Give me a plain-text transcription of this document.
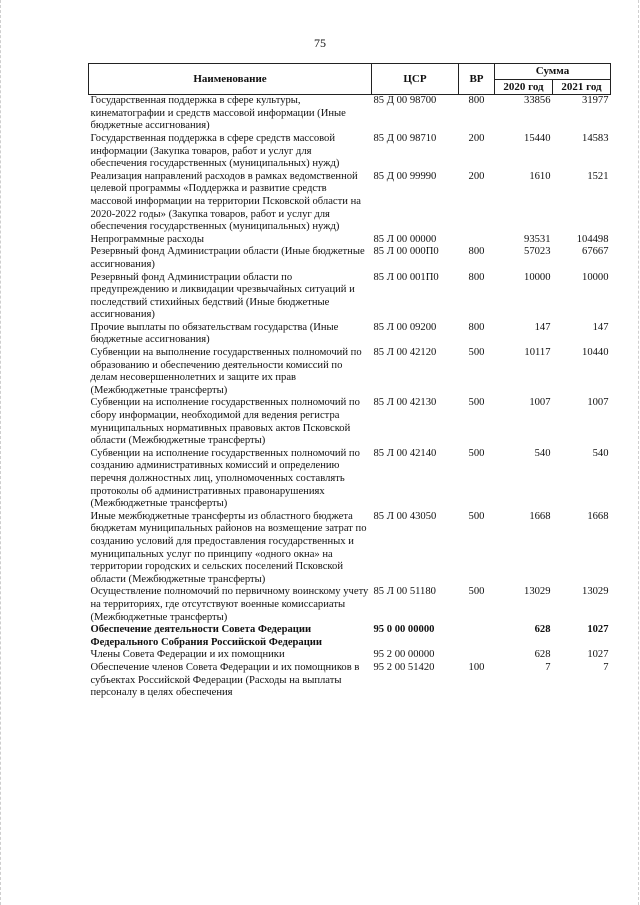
75
Наименование	ЦСР	ВР	Сумма	
			2020 год	2021 год
Государственная поддержка в сфере культуры, кинематографии и средств массовой информации (Иные бюджетные ассигнования)	85 Д 00 98700	800	33856	31977
Государственная поддержка в сфере средств массовой информации (Закупка товаров, работ и услуг для обеспечения государственных (муниципальных) нужд)	85 Д 00 98710	200	15440	14583
Реализация направлений расходов в рамках ведомственной целевой программы «Поддержка и развитие средств массовой информации на территории Псковской области на 2020-2022 годы» (Закупка товаров, работ и услуг для обеспечения государственных (муниципальных) нужд)	85 Д 00 99990	200	1610	1521
Непрограммные расходы	85 Л 00 00000		93531	104498
Резервный фонд Администрации области (Иные бюджетные ассигнования)	85 Л 00 000П0	800	57023	67667
Резервный фонд Администрации области по предупреждению и ликвидации чрезвычайных ситуаций и последствий стихийных бедствий (Иные бюджетные ассигнования)	85 Л 00 001П0	800	10000	10000
Прочие выплаты по обязательствам государства (Иные бюджетные ассигнования)	85 Л 00 09200	800	147	147
Субвенции на выполнение государственных полномочий по образованию и обеспечению деятельности комиссий по делам несовершеннолетних и защите их прав (Межбюджетные трансферты)	85 Л 00 42120	500	10117	10440
Субвенции на исполнение государственных полномочий по сбору информации, необходимой для ведения регистра муниципальных нормативных правовых актов Псковской области (Межбюджетные трансферты)	85 Л 00 42130	500	1007	1007
Субвенции на исполнение государственных полномочий по созданию административных комиссий и определению перечня должностных лиц, уполномоченных составлять протоколы об административных правонарушениях (Межбюджетные трансферты)	85 Л 00 42140	500	540	540
Иные межбюджетные трансферты из областного бюджета бюджетам муниципальных районов на возмещение затрат по созданию условий для предоставления государственных и муниципальных услуг по принципу «одного окна» на территории городских и сельских поселений Псковской области (Межбюджетные трансферты)	85 Л 00 43050	500	1668	1668
Осуществление полномочий по первичному воинскому учету на территориях, где отсутствуют военные комиссариаты (Межбюджетные трансферты)	85 Л 00 51180	500	13029	13029
Обеспечение деятельности Совета Федерации Федерального Собрания Российской Федерации	95 0 00 00000		628	1027
Члены Совета Федерации и их помощники	95 2 00 00000		628	1027
Обеспечение членов Совета Федерации и их помощников в субъектах Российской Федерации (Расходы на выплаты персоналу в целях обеспечения	95 2 00 51420	100	7	7
